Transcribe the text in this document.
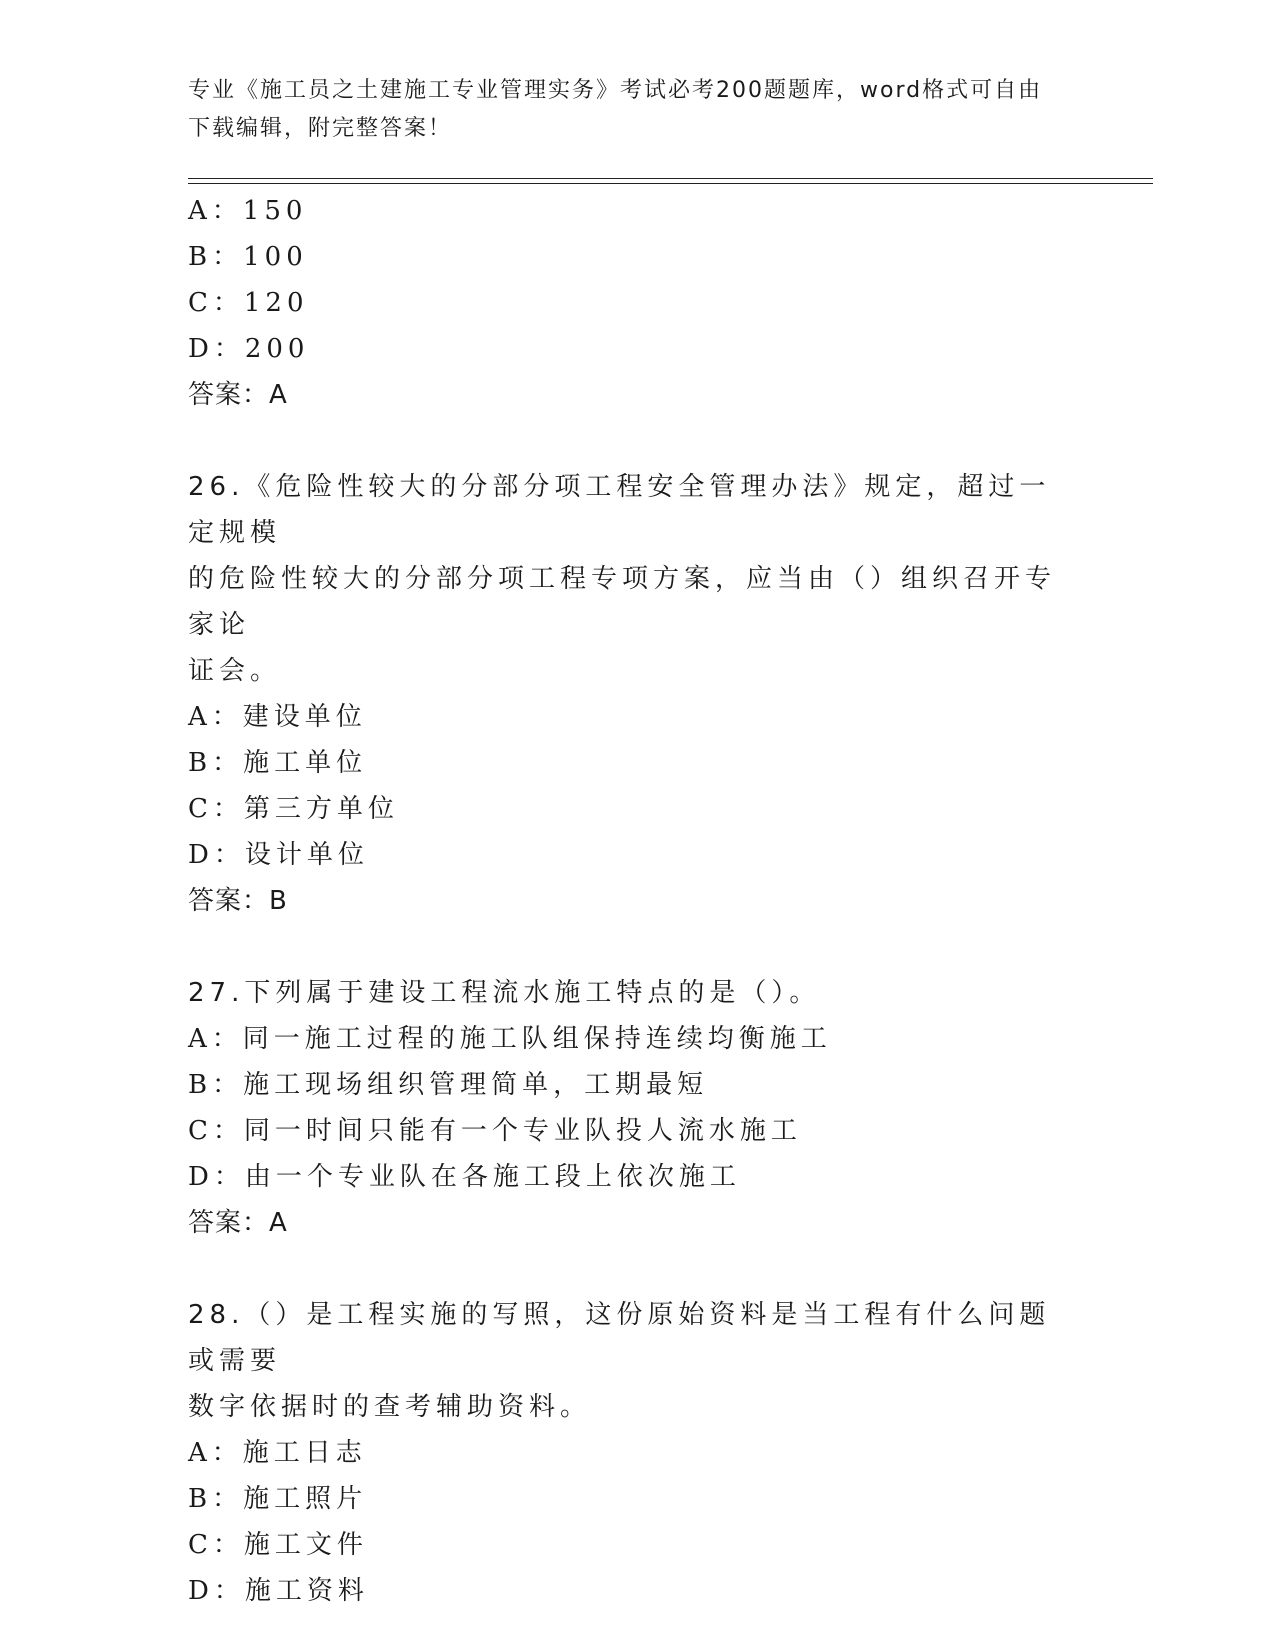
专业《施工员之土建施工专业管理实务》考试必考200题题库，word格式可自由
下载编辑，附完整答案！
A：150
B：100
C：120
D：200
答案：A
26.《危险性较大的分部分项工程安全管理办法》规定，超过一定规模
的危险性较大的分部分项工程专项方案，应当由（）组织召开专家论
证会。
A：建设单位
B：施工单位
C：第三方单位
D：设计单位
答案：B
27.下列属于建设工程流水施工特点的是（）。
A：同一施工过程的施工队组保持连续均衡施工
B：施工现场组织管理简单，工期最短
C：同一时间只能有一个专业队投人流水施工
D：由一个专业队在各施工段上依次施工
答案：A
28.（）是工程实施的写照，这份原始资料是当工程有什么问题或需要
数字依据时的查考辅助资料。
A：施工日志
B：施工照片
C：施工文件
D：施工资料
